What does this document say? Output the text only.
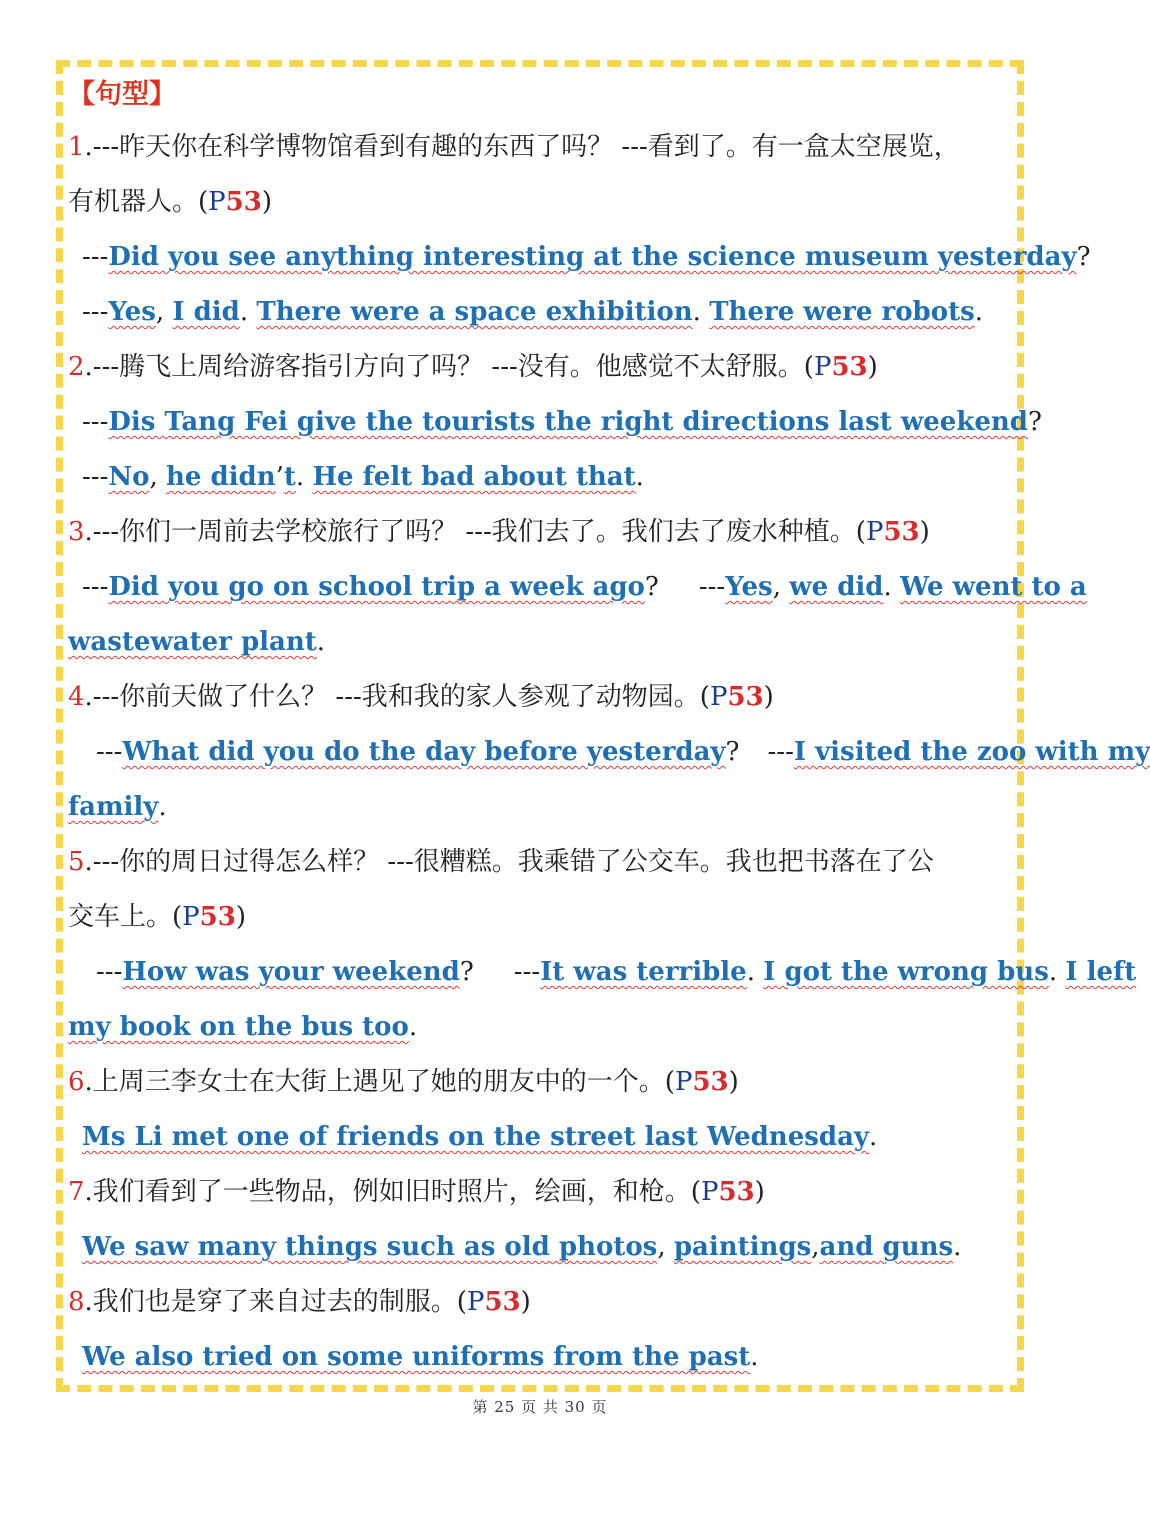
【句型】
1.---昨天你在科学博物馆看到有趣的东西了吗？ ---看到了。有一盒太空展览，
有机器人。(P53)
---Did you see anything interesting at the science museum yesterday?
---Yes, I did. There were a space exhibition. There were robots.
2.---腾飞上周给游客指引方向了吗？ ---没有。他感觉不太舒服。(P53)
---Dis Tang Fei give the tourists the right directions last weekend?
---No, he didn’t. He felt bad about that.
3.---你们一周前去学校旅行了吗？ ---我们去了。我们去了废水种植。(P53)
---Did you go on school trip a week ago? ---Yes, we did. We went to a
wastewater plant.
4.---你前天做了什么？ ---我和我的家人参观了动物园。(P53)
---What did you do the day before yesterday? ---I visited the zoo with my
family.
5.---你的周日过得怎么样？ ---很糟糕。我乘错了公交车。我也把书落在了公
交车上。(P53)
---How was your weekend? ---It was terrible. I got the wrong bus. I left
my book on the bus too.
6.上周三李女士在大街上遇见了她的朋友中的一个。(P53)
Ms Li met one of friends on the street last Wednesday.
7.我们看到了一些物品，例如旧时照片，绘画，和枪。(P53)
We saw many things such as old photos, paintings,and guns.
8.我们也是穿了来自过去的制服。(P53)
We also tried on some uniforms from the past.
第 25 页 共 30 页
